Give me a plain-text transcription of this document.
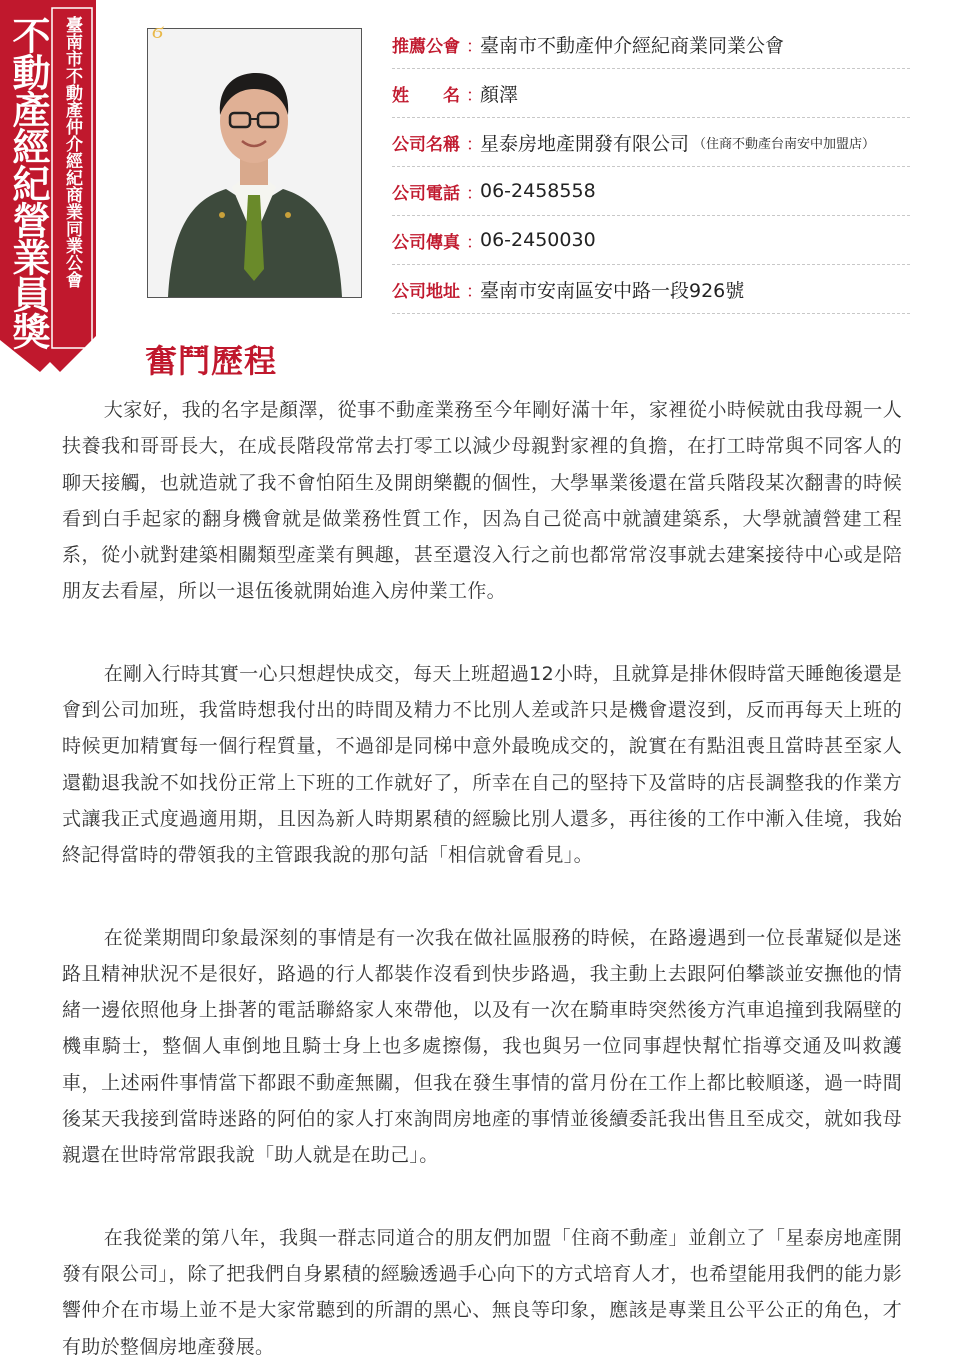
不動產經紀營業員獎 臺南市不動產仲介經紀商業同業公會	ϭ
推薦公會 ：
臺南市不動產仲介經紀商業同業公會
姓　　名 ：
顏澤
公司名稱 ：
星泰房地產開發有限公司 （住商不動產台南安中加盟店）
公司電話 ：
06-2458558
公司傳真 ：
06-2450030
公司地址 ：
臺南市安南區安中路一段926號
奮鬥歷程

大家好，我的名字是顏澤，從事不動產業務至今年剛好滿十年，家裡從小時候就由我母親一人扶養我和哥哥長大，在成長階段常常去打零工以減少母親對家裡的負擔，在打工時常與不同客人的聊天接觸，也就造就了我不會怕陌生及開朗樂觀的個性，大學畢業後還在當兵階段某次翻書的時候看到白手起家的翻身機會就是做業務性質工作，因為自己從高中就讀建築系，大學就讀營建工程系，從小就對建築相關類型產業有興趣，甚至還沒入行之前也都常常沒事就去建案接待中心或是陪朋友去看屋，所以一退伍後就開始進入房仲業工作。

在剛入行時其實一心只想趕快成交，每天上班超過12小時，且就算是排休假時當天睡飽後還是會到公司加班，我當時想我付出的時間及精力不比別人差或許只是機會還沒到，反而再每天上班的時候更加精實每一個行程質量，不過卻是同梯中意外最晚成交的，說實在有點沮喪且當時甚至家人還勸退我說不如找份正常上下班的工作就好了，所幸在自己的堅持下及當時的店長調整我的作業方式讓我正式度過適用期，且因為新人時期累積的經驗比別人還多，再往後的工作中漸入佳境，我始終記得當時的帶領我的主管跟我說的那句話「相信就會看見」。

在從業期間印象最深刻的事情是有一次我在做社區服務的時候，在路邊遇到一位長輩疑似是迷路且精神狀況不是很好，路過的行人都裝作沒看到快步路過，我主動上去跟阿伯攀談並安撫他的情緒一邊依照他身上掛著的電話聯絡家人來帶他，以及有一次在騎車時突然後方汽車追撞到我隔壁的機車騎士，整個人車倒地且騎士身上也多處擦傷，我也與另一位同事趕快幫忙指導交通及叫救護車，上述兩件事情當下都跟不動產無關，但我在發生事情的當月份在工作上都比較順遂，過一時間後某天我接到當時迷路的阿伯的家人打來詢問房地產的事情並後續委託我出售且至成交，就如我母親還在世時常常跟我說「助人就是在助己」。

在我從業的第八年，我與一群志同道合的朋友們加盟「住商不動產」並創立了「星泰房地產開發有限公司」，除了把我們自身累積的經驗透過手心向下的方式培育人才，也希望能用我們的能力影響仲介在市場上並不是大家常聽到的所謂的黑心、無良等印象，應該是專業且公平公正的角色，才有助於整個房地產發展。
